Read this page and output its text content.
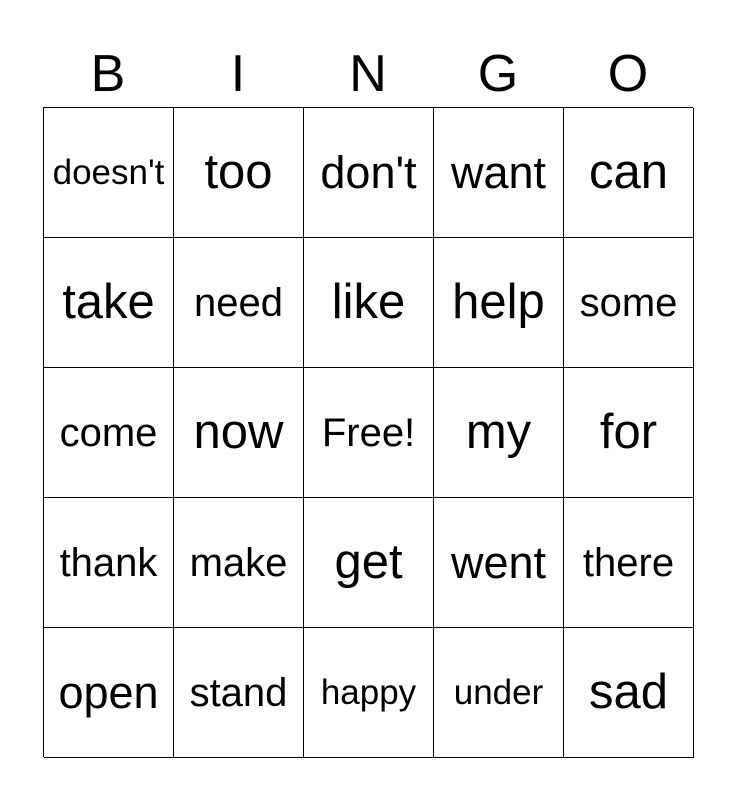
B	I	N	G	O
doesn't too don't want can
take need like help some
come now Free! my for
thank make get went there
open stand happy under sad
